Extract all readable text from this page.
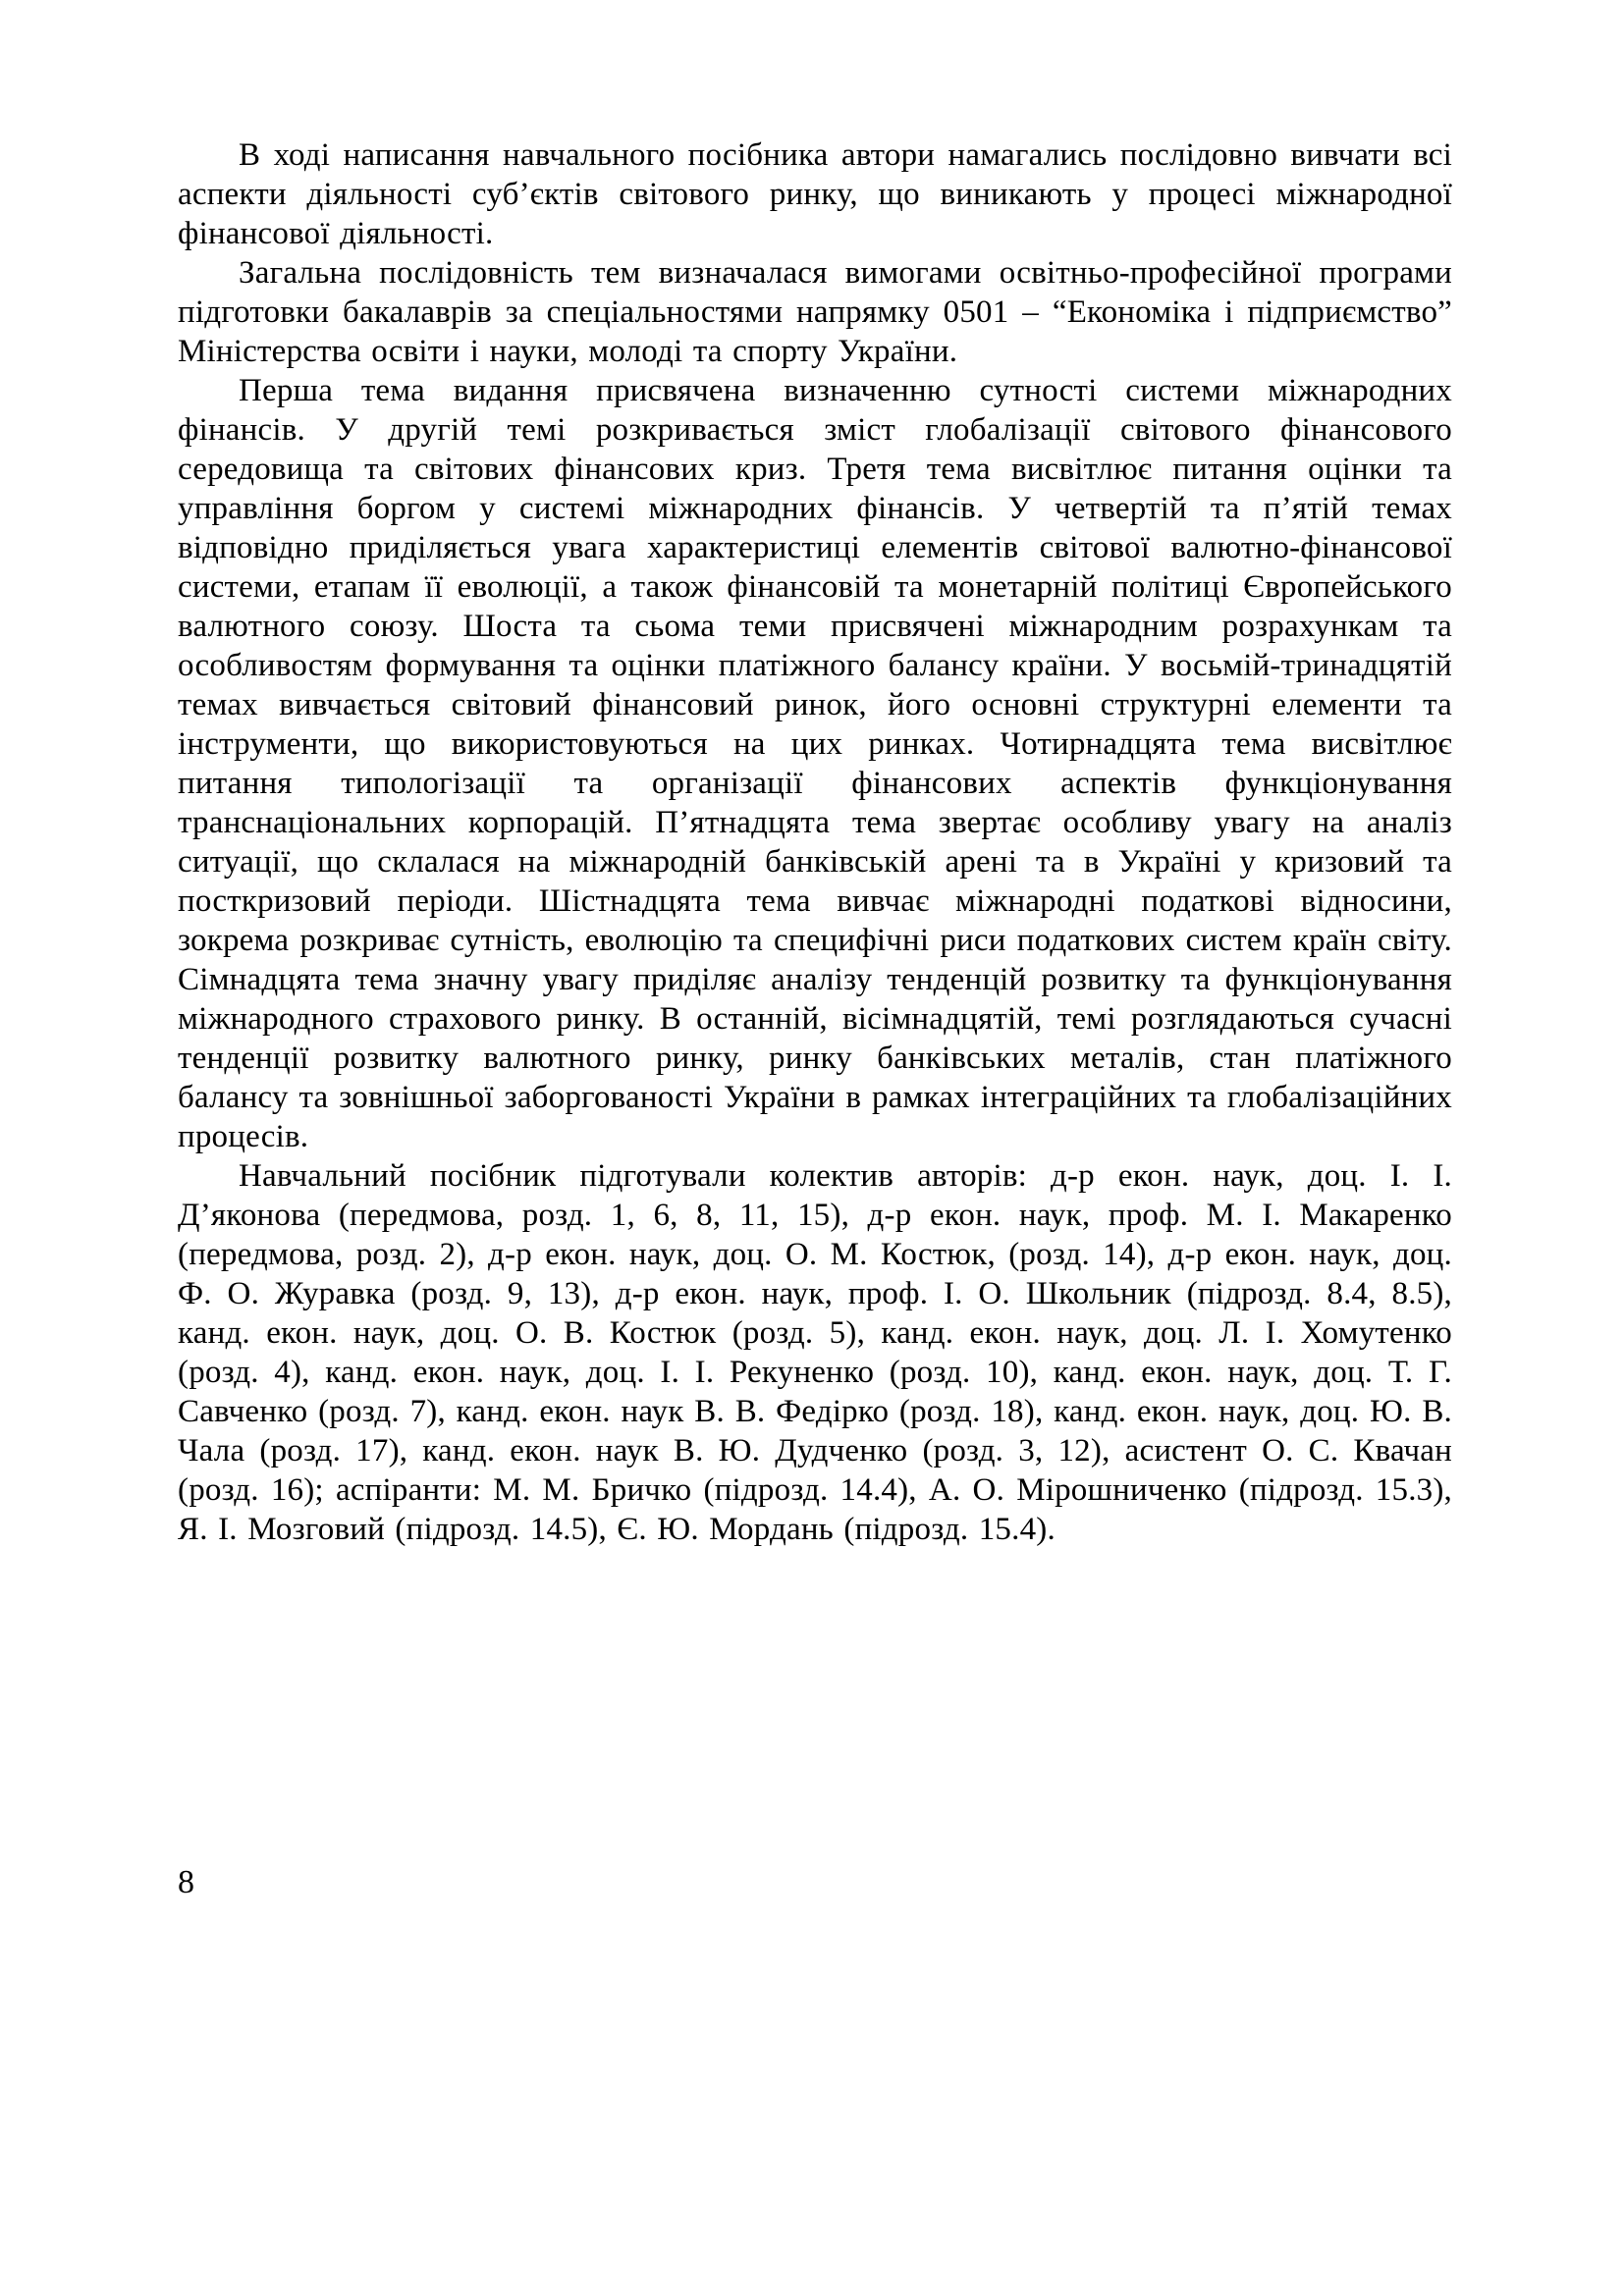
В ході написання навчального посібника автори намагались послідовно вивчати всі аспекти діяльності суб’єктів світового ринку, що виникають у процесі міжнародної фінансової діяльності.

Загальна послідовність тем визначалася вимогами освітньо-професійної програми підготовки бакалаврів за спеціальностями напрямку 0501 – “Економіка і підприємство” Міністерства освіти і науки, молоді та спорту України.

Перша тема видання присвячена визначенню сутності системи міжнародних фінансів. У другій темі розкривається зміст глобалізації світового фінансового середовища та світових фінансових криз. Третя тема висвітлює питання оцінки та управління боргом у системі міжнародних фінансів. У четвертій та п’ятій темах відповідно приділяється увага характеристиці елементів світової валютно-фінансової системи, етапам її еволюції, а також фінансовій та монетарній політиці Європейського валютного союзу. Шоста та сьома теми присвячені міжнародним розрахункам та особливостям формування та оцінки платіжного балансу країни. У восьмій-тринадцятій темах вивчається світовий фінансовий ринок, його основні структурні елементи та інструменти, що використовуються на цих ринках. Чотирнадцята тема висвітлює питання типологізації та організації фінансових аспектів функціонування транснаціональних корпорацій. П’ятнадцята тема звертає особливу увагу на аналіз ситуації, що склалася на міжнародній банківській арені та в Україні у кризовий та посткризовий періоди. Шістнадцята тема вивчає міжнародні податкові відносини, зокрема розкриває сутність, еволюцію та специфічні риси податкових систем країн світу. Сімнадцята тема значну увагу приділяє аналізу тенденцій розвитку та функціонування міжнародного страхового ринку. В останній, вісімнадцятій, темі розглядаються сучасні тенденції розвитку валютного ринку, ринку банківських металів, стан платіжного балансу та зовнішньої заборгованості України в рамках інтеграційних та глобалізаційних процесів.

Навчальний посібник підготували колектив авторів: д-р екон. наук, доц. І. І. Д’яконова (передмова, розд. 1, 6, 8, 11, 15), д-р екон. наук, проф. М. І. Макаренко (передмова, розд. 2), д-р екон. наук, доц. О. М. Костюк, (розд. 14), д-р екон. наук, доц. Ф. О. Журавка (розд. 9, 13), д-р екон. наук, проф. І. О. Школьник (підрозд. 8.4, 8.5), канд. екон. наук, доц. О. В. Костюк (розд. 5), канд. екон. наук, доц. Л. І. Хомутенко (розд. 4), канд. екон. наук, доц. І. І. Рекуненко (розд. 10), канд. екон. наук, доц. Т. Г. Савченко (розд. 7), канд. екон. наук В. В. Федірко (розд. 18), канд. екон. наук, доц. Ю. В. Чала (розд. 17), канд. екон. наук В. Ю. Дудченко (розд. 3, 12), асистент О. С. Квачан (розд. 16); аспіранти: М. М. Бричко (підрозд. 14.4), А. О. Мірошниченко (підрозд. 15.3), Я. І. Мозговий (підрозд. 14.5), Є. Ю. Мордань (підрозд. 15.4).

8
